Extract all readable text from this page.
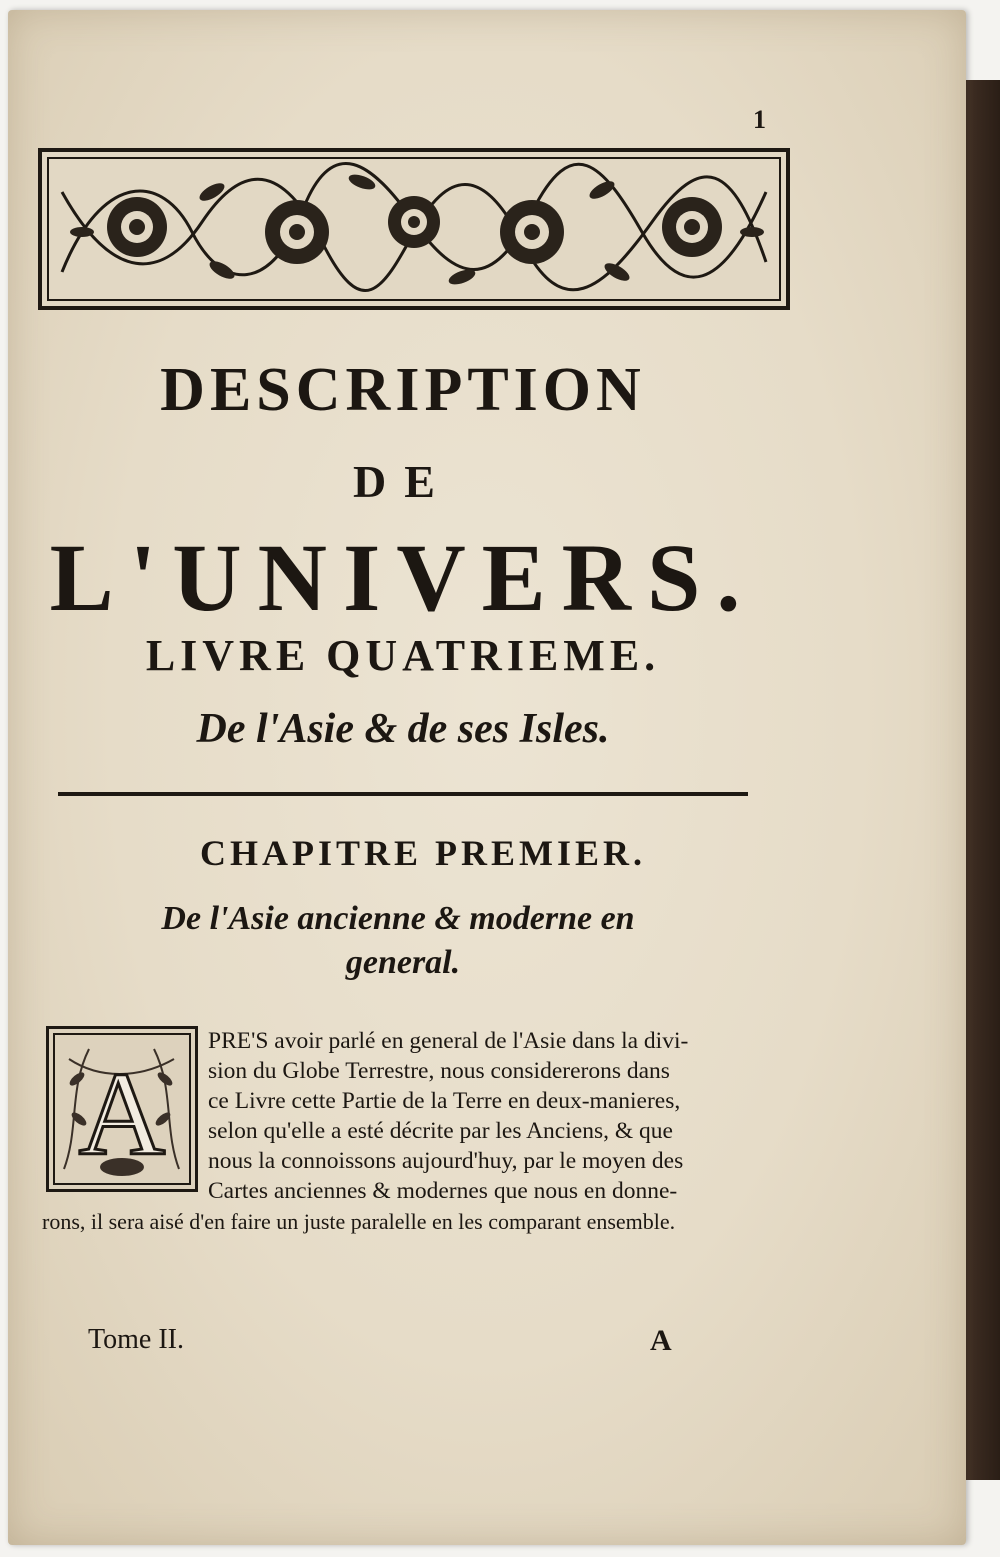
1
DESCRIPTION
DE
L'UNIVERS.
LIVRE QUATRIEME.
De l'Asie & de ses Isles.
CHAPITRE PREMIER.
De l'Asie ancienne & moderne en
general.
A
PRE'S avoir parlé en general de l'Asie dans la divi-
sion du Globe Terrestre, nous considererons dans
ce Livre cette Partie de la Terre en deux-manieres,
selon qu'elle a esté décrite par les Anciens, & que
nous la connoissons aujourd'huy, par le moyen des
Cartes anciennes & modernes que nous en donne-
rons, il sera aisé d'en faire un juste paralelle en les comparant ensemble.
Tome II.	A
